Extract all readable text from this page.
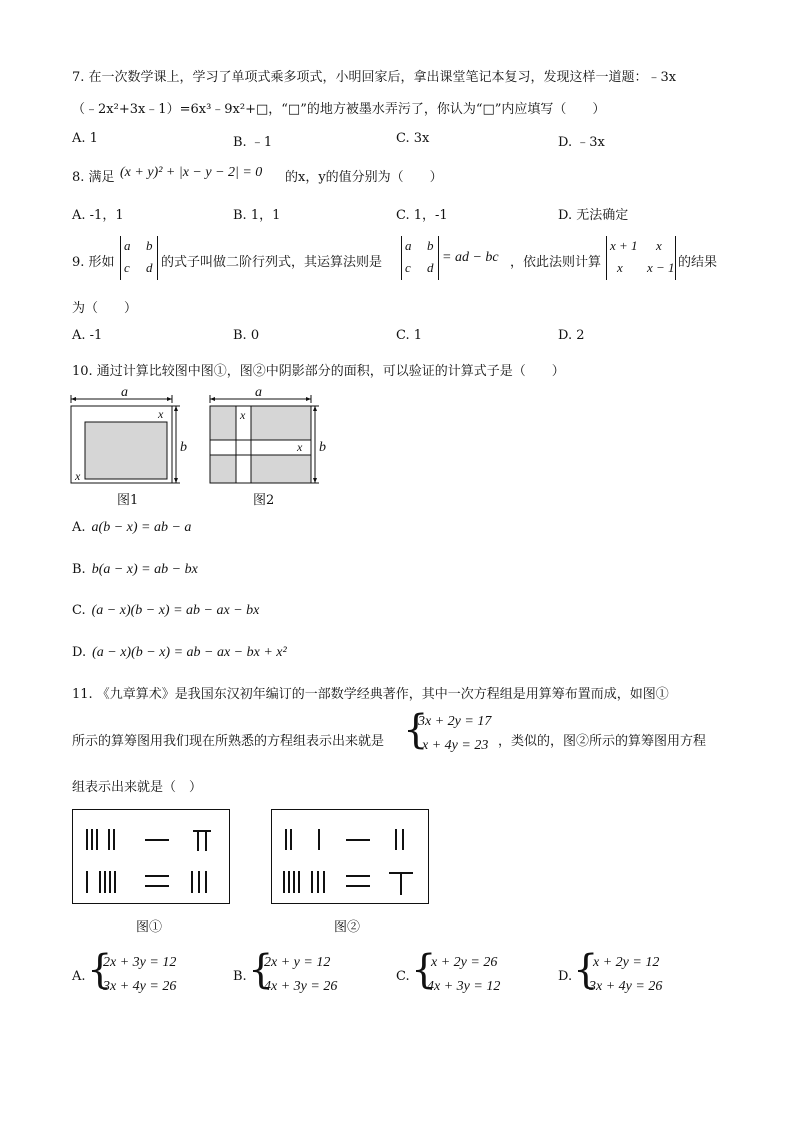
7. 在一次数学课上，学习了单项式乘多项式，小明回家后，拿出课堂笔记本复习，发现这样一道题：﹣3x
（﹣2x²+3x﹣1）=6x³﹣9x²+□，“□”的地方被墨水弄污了，你认为“□”内应填写（　　）
A. 1	B. ﹣1	C. 3x	D. ﹣3x
8. 满足 (x + y)² + |x − y − 2| = 0 的x，y的值分别为（　　）
A. -1，1	B. 1，1	C. 1，-1	D. 无法确定
9. 形如
a b
c d 的式子叫做二阶行列式，其运算法则是
a b
c d
= ad − bc ，依此法则计算
x + 1 x
x x − 1 的结果
为（　　）
A. -1	B. 0	C. 1	D. 2
10. 通过计算比较图中图①，图②中阴影部分的面积，可以验证的计算式子是（　　）
a
b
x
x
图1
a
b
x
x
图2
A. a(b − x) = ab − a
B. b(a − x) = ab − bx
C. (a − x)(b − x) = ab − ax − bx
D. (a − x)(b − x) = ab − ax − bx + x²
11. 《九章算术》是我国东汉初年编订的一部数学经典著作，其中一次方程组是用算筹布置而成，如图①
所示的算筹图用我们现在所熟悉的方程组表示出来就是 {
3x + 2y = 17
x + 4y = 23 ，类似的，图②所示的算筹图用方程
组表示出来就是（　）
图①	图②
A. {
2x + 3y = 12
3x + 4y = 26
B. {
2x + y = 12
4x + 3y = 26
C. {
x + 2y = 26
4x + 3y = 12
D. {
x + 2y = 12
3x + 4y = 26
